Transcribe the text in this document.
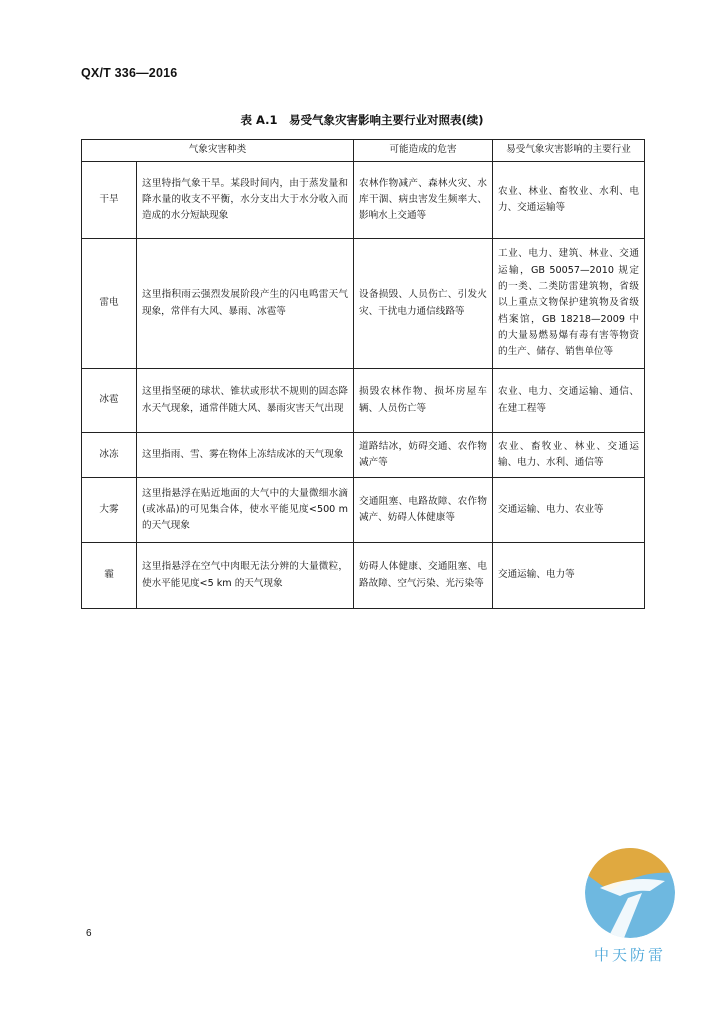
QX/T 336—2016
表 A.1　易受气象灾害影响主要行业对照表(续)
气象灾害种类		可能造成的危害	易受气象灾害影响的主要行业
干旱	这里特指气象干旱。某段时间内，由于蒸发量和降水量的收支不平衡，水分支出大于水分收入而造成的水分短缺现象	农林作物减产、森林火灾、水库干涸、病虫害发生频率大、影响水上交通等	农业、林业、畜牧业、水利、电力、交通运输等
雷电	这里指积雨云强烈发展阶段产生的闪电鸣雷天气现象，常伴有大风、暴雨、冰雹等	设备损毁、人员伤亡、引发火灾、干扰电力通信线路等	工业、电力、建筑、林业、交通运输，GB 50057—2010 规定的一类、二类防雷建筑物，省级以上重点文物保护建筑物及省级档案馆，GB 18218—2009 中的大量易燃易爆有毒有害等物资的生产、储存、销售单位等
冰雹	这里指坚硬的球状、锥状或形状不规则的固态降水天气现象，通常伴随大风、暴雨灾害天气出现	损毁农林作物、损坏房屋车辆、人员伤亡等	农业、电力、交通运输、通信、在建工程等
冰冻	这里指雨、雪、雾在物体上冻结成冰的天气现象	道路结冰，妨碍交通、农作物减产等	农业、畜牧业、林业、交通运输、电力、水利、通信等
大雾	这里指悬浮在贴近地面的大气中的大量微细水滴(或冰晶)的可见集合体，使水平能见度<500 m 的天气现象	交通阻塞、电路故障、农作物减产、妨碍人体健康等	交通运输、电力、农业等
霾	这里指悬浮在空气中肉眼无法分辨的大量微粒，使水平能见度<5 km 的天气现象	妨碍人体健康、交通阻塞、电路故障、空气污染、光污染等	交通运输、电力等
6
中天防雷
